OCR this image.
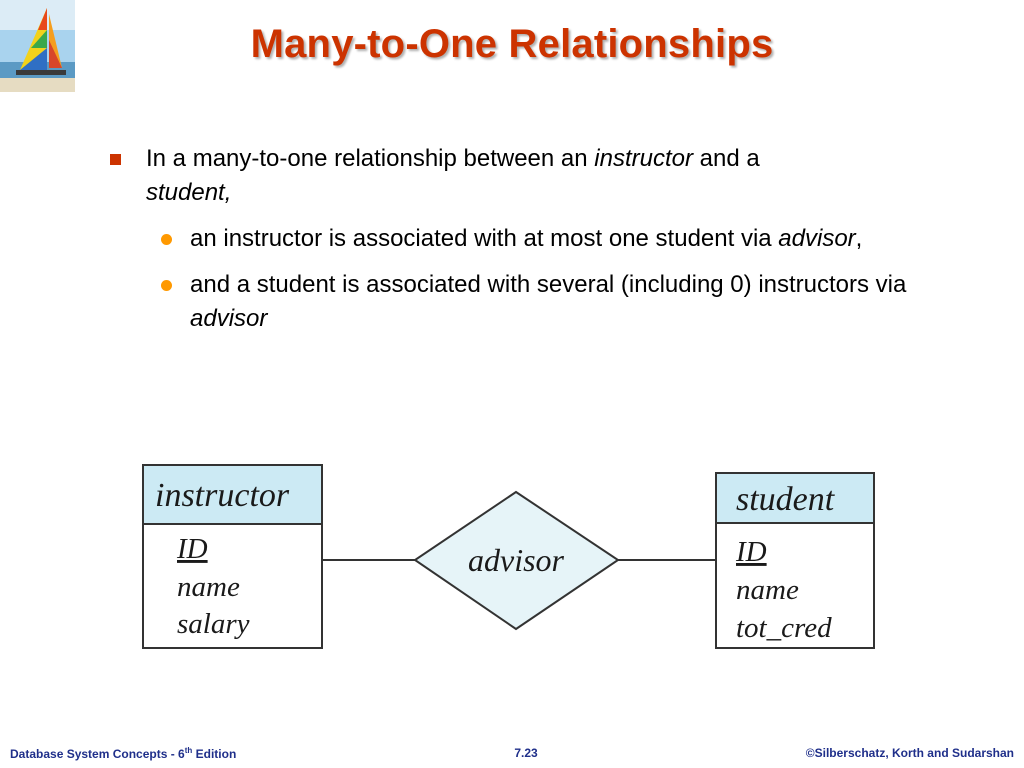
Many-to-One Relationships
In a many-to-one relationship between an instructor and a
student,
an instructor is associated with at most one student via advisor,
and a student is associated with several (including 0) instructors via advisor
instructor
ID
name
salary
advisor
student
ID
name
tot_cred
Database System Concepts - 6th Edition	7.23	©Silberschatz, Korth and Sudarshan
